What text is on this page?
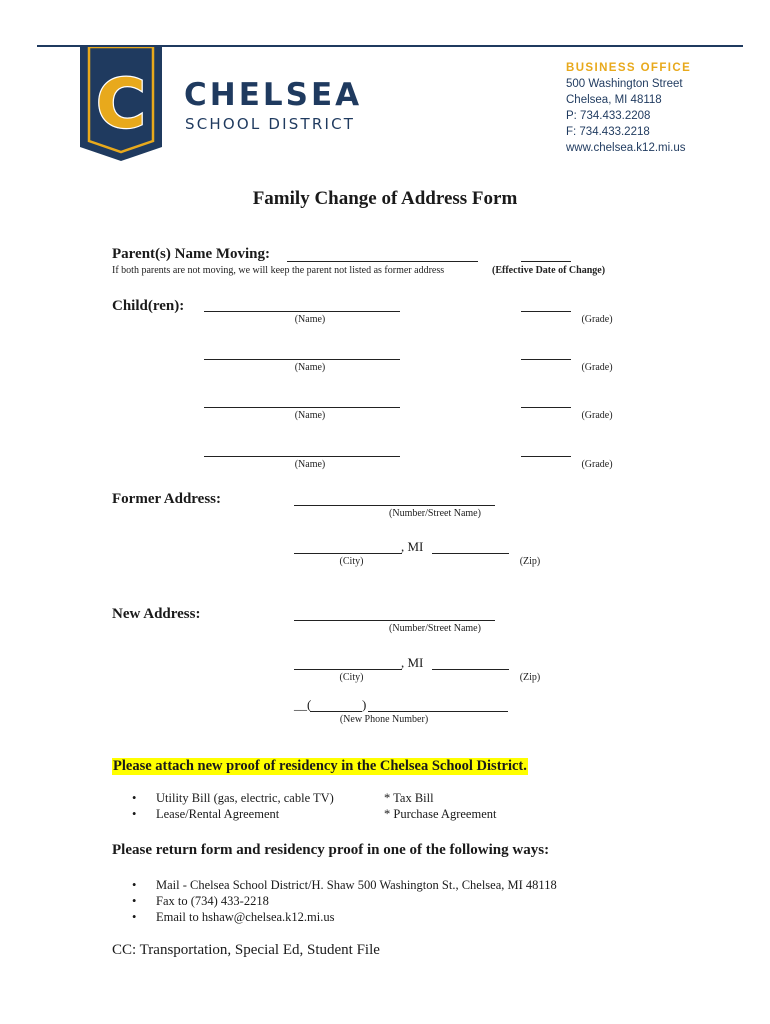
C CHELSEA
SCHOOL DISTRICT
BUSINESS OFFICE
500 Washington Street
Chelsea, MI 48118
P: 734.433.2208
F: 734.433.2218
www.chelsea.k12.mi.us
Family Change of Address Form
Parent(s) Name Moving:
If both parents are not moving, we will keep the parent not listed as former address	(Effective Date of Change)
Child(ren):
(Name)	(Grade)
(Name)	(Grade)
(Name)	(Grade)
(Name)	(Grade)
Former Address:
(Number/Street Name)
, MI
(City)	(Zip)
New Address:
(Number/Street Name)
, MI
(City)	(Zip)
__(	)
(New Phone Number)
Please attach new proof of residency in the Chelsea School District.
• Utility Bill (gas, electric, cable TV)
• Lease/Rental Agreement
* Tax Bill
* Purchase Agreement
Please return form and residency proof in one of the following ways:
• Mail - Chelsea School District/H. Shaw 500 Washington St., Chelsea, MI 48118
• Fax to (734) 433-2218
• Email to hshaw@chelsea.k12.mi.us
CC: Transportation, Special Ed, Student File
